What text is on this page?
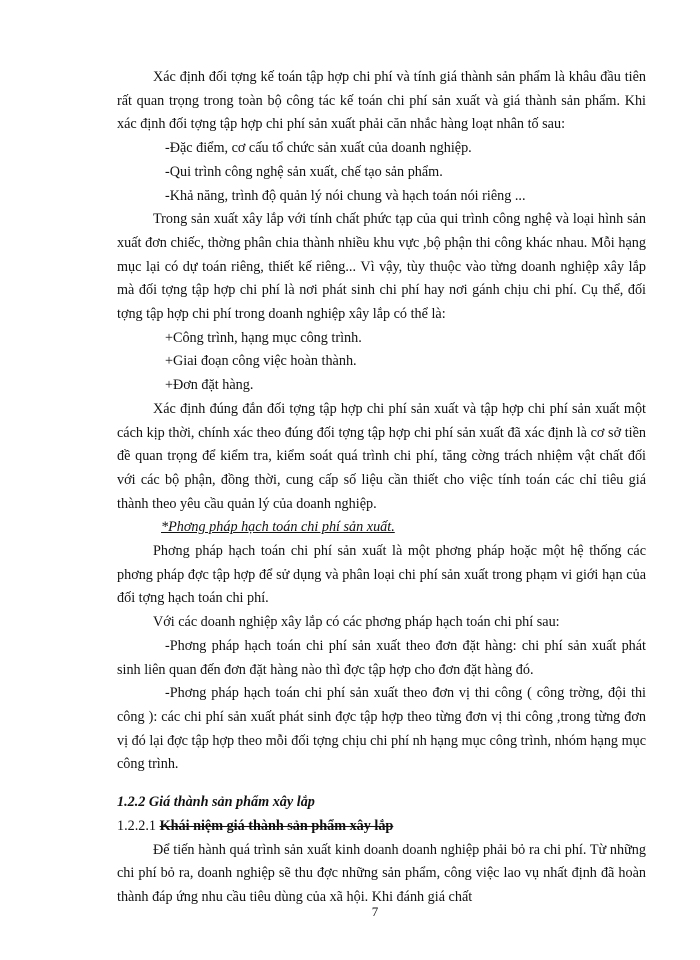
Xác định đối tợng kế toán tập hợp chi phí và tính giá thành sản phẩm là khâu đầu tiên rất quan trọng trong toàn bộ công tác kế toán chi phí sản xuất và giá thành sản phẩm. Khi xác định đối tợng tập hợp chi phí sản xuất phải căn nhắc hàng loạt nhân tố sau:

-Đặc điểm, cơ cấu tổ chức sản xuất của doanh nghiệp.

-Qui trình công nghệ sản xuất, chế tạo sản phẩm.

-Khả năng, trình độ quản lý nói chung và hạch toán nói riêng ...

Trong sản xuất xây lắp với tính chất phức tạp của qui trình công nghệ và loại hình sản xuất đơn chiếc, thờng phân chia thành nhiều khu vực ,bộ phận thi công khác nhau. Mỗi hạng mục lại có dự toán riêng, thiết kế riêng... Vì vậy, tùy thuộc vào từng doanh nghiệp xây lắp mà đối tợng tập hợp chi phí là nơi phát sinh chi phí hay nơi gánh chịu chi phí. Cụ thể, đối tợng tập hợp chi phí trong doanh nghiệp xây lắp có thể là:

+Công trình, hạng mục công trình.

+Giai đoạn công việc hoàn thành.

+Đơn đặt hàng.

Xác định đúng đắn đối tợng tập hợp chi phí sản xuất và tập hợp chi phí sản xuất một cách kịp thời, chính xác theo đúng đối tợng tập hợp chi phí sản xuất đã xác định là cơ sở tiền đề quan trọng để kiểm tra, kiểm soát quá trình chi phí, tăng cờng trách nhiệm vật chất đối với các bộ phận, đồng thời, cung cấp số liệu cần thiết cho việc tính toán các chỉ tiêu giá thành theo yêu cầu quản lý của doanh nghiệp.

*Phơng pháp hạch toán chi phí sản xuất.

Phơng pháp hạch toán chi phí sản xuất là một phơng pháp hoặc một hệ thống các phơng pháp đợc tập hợp để sử dụng và phân loại chi phí sản xuất trong phạm vi giới hạn của đối tợng hạch toán chi phí.

Với các doanh nghiệp xây lắp có các phơng pháp hạch toán chi phí sau:

-Phơng pháp hạch toán chi phí sản xuất theo đơn đặt hàng: chi phí sản xuất phát sinh liên quan đến đơn đặt hàng nào thì đợc tập hợp cho đơn đặt hàng đó.

-Phơng pháp hạch toán chi phí sản xuất theo đơn vị thi công ( công trờng, đội thi công ): các chi phí sản xuất phát sinh đợc tập hợp theo từng đơn vị thi công ,trong từng đơn vị đó lại đợc tập hợp theo mỗi đối tợng chịu chi phí nh hạng mục công trình, nhóm hạng mục công trình.

1.2.2 Giá thành sản phẩm xây lắp

1.2.2.1 Khái niệm giá thành sản phẩm xây lắp

Để tiến hành quá trình sản xuất kinh doanh doanh nghiệp phải bỏ ra chi phí. Từ những chi phí bỏ ra, doanh nghiệp sẽ thu đợc những sản phẩm, công việc lao vụ nhất định đã hoàn thành đáp ứng nhu cầu tiêu dùng của xã hội. Khi đánh giá chất

7
